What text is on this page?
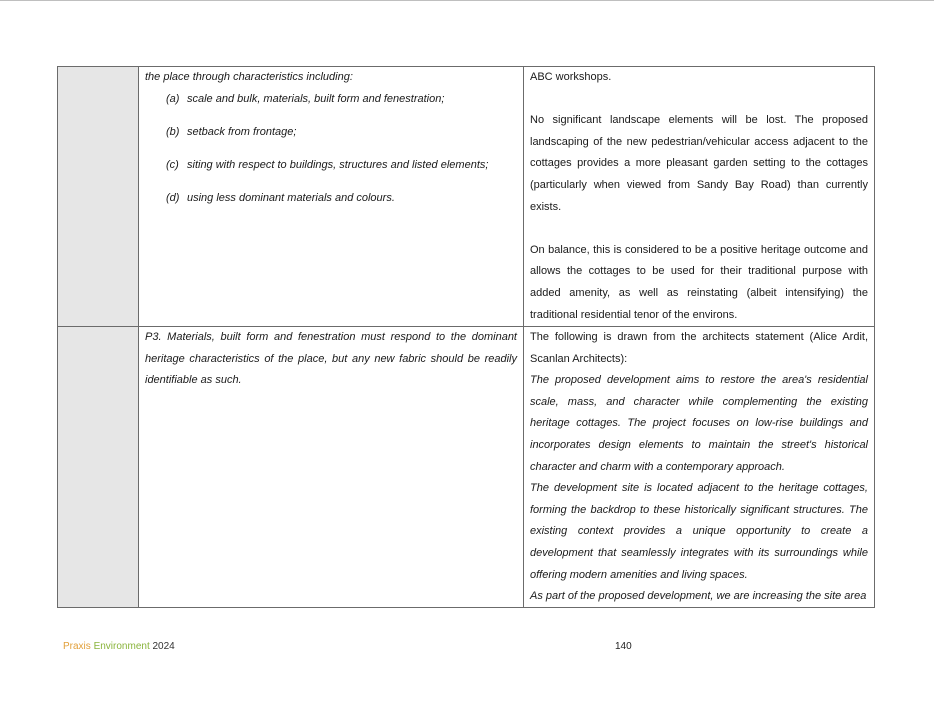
the place through characteristics including:

(a) scale and bulk, materials, built form and fenestration;
(b) setback from frontage;
(c) siting with respect to buildings, structures and listed elements;
(d) using less dominant materials and colours.

ABC workshops.

No significant landscape elements will be lost. The proposed landscaping of the new pedestrian/vehicular access adjacent to the cottages provides a more pleasant garden setting to the cottages (particularly when viewed from Sandy Bay Road) than currently exists.

On balance, this is considered to be a positive heritage outcome and allows the cottages to be used for their traditional purpose with added amenity, as well as reinstating (albeit intensifying) the traditional residential tenor of the environs.

P3. Materials, built form and fenestration must respond to the dominant heritage characteristics of the place, but any new fabric should be readily identifiable as such.

The following is drawn from the architects statement (Alice Ardit, Scanlan Architects):

The proposed development aims to restore the area's residential scale, mass, and character while complementing the existing heritage cottages. The project focuses on low-rise buildings and incorporates design elements to maintain the street's historical character and charm with a contemporary approach.

The development site is located adjacent to the heritage cottages, forming the backdrop to these historically significant structures. The existing context provides a unique opportunity to create a development that seamlessly integrates with its surroundings while offering modern amenities and living spaces.

As part of the proposed development, we are increasing the site area

Praxis Environment 2024	140
